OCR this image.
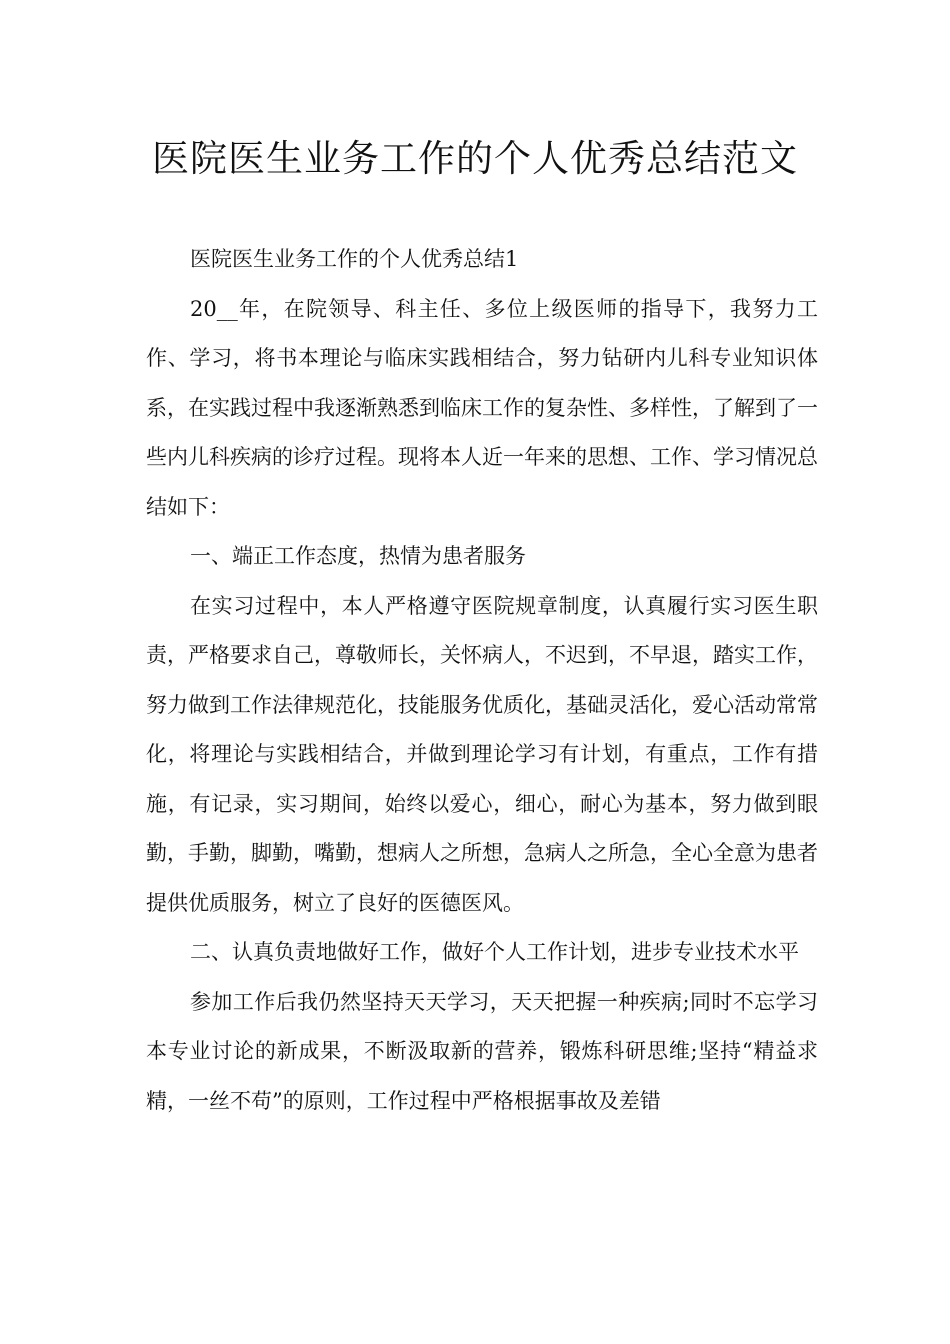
医院医生业务工作的个人优秀总结范文

医院医生业务工作的个人优秀总结1

20__年，在院领导、科主任、多位上级医师的指导下，我努力工作、学习，将书本理论与临床实践相结合，努力钻研内儿科专业知识体系，在实践过程中我逐渐熟悉到临床工作的复杂性、多样性，了解到了一些内儿科疾病的诊疗过程。现将本人近一年来的思想、工作、学习情况总结如下：

一、端正工作态度，热情为患者服务

在实习过程中，本人严格遵守医院规章制度，认真履行实习医生职责，严格要求自己，尊敬师长，关怀病人，不迟到，不早退，踏实工作，努力做到工作法律规范化，技能服务优质化，基础灵活化，爱心活动常常化，将理论与实践相结合，并做到理论学习有计划，有重点，工作有措施，有记录，实习期间，始终以爱心，细心，耐心为基本，努力做到眼勤，手勤，脚勤，嘴勤，想病人之所想，急病人之所急，全心全意为患者提供优质服务，树立了良好的医德医风。

二、认真负责地做好工作，做好个人工作计划，进步专业技术水平

参加工作后我仍然坚持天天学习，天天把握一种疾病;同时不忘学习本专业讨论的新成果，不断汲取新的营养，锻炼科研思维;坚持“精益求精，一丝不苟”的原则，工作过程中严格根据事故及差错
